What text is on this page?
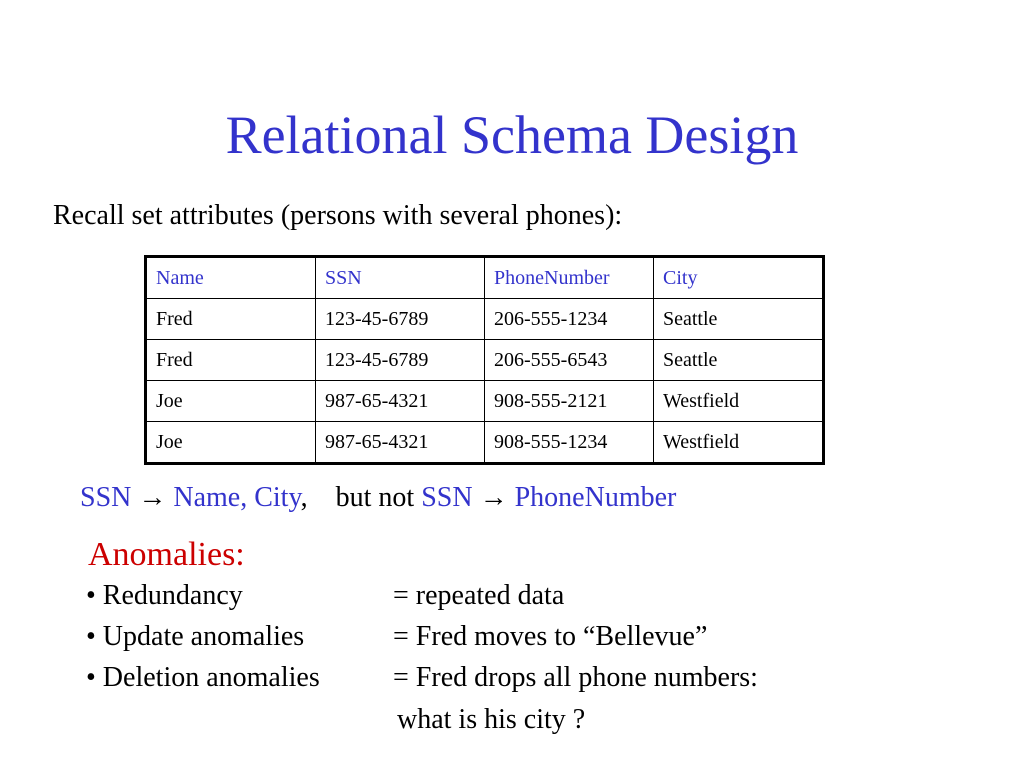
Relational Schema Design
Recall set attributes (persons with several phones):
Name	SSN	PhoneNumber	City
Fred	123-45-6789	206-555-1234	Seattle
Fred	123-45-6789	206-555-6543	Seattle
Joe	987-65-4321	908-555-2121	Westfield
Joe	987-65-4321	908-555-1234	Westfield
SSN → Name, City,    but not SSN → PhoneNumber
Anomalies:
• Redundancy	= repeated data
• Update anomalies	= Fred moves to “Bellevue”
• Deletion anomalies	= Fred drops all phone numbers:
what is his city ?
